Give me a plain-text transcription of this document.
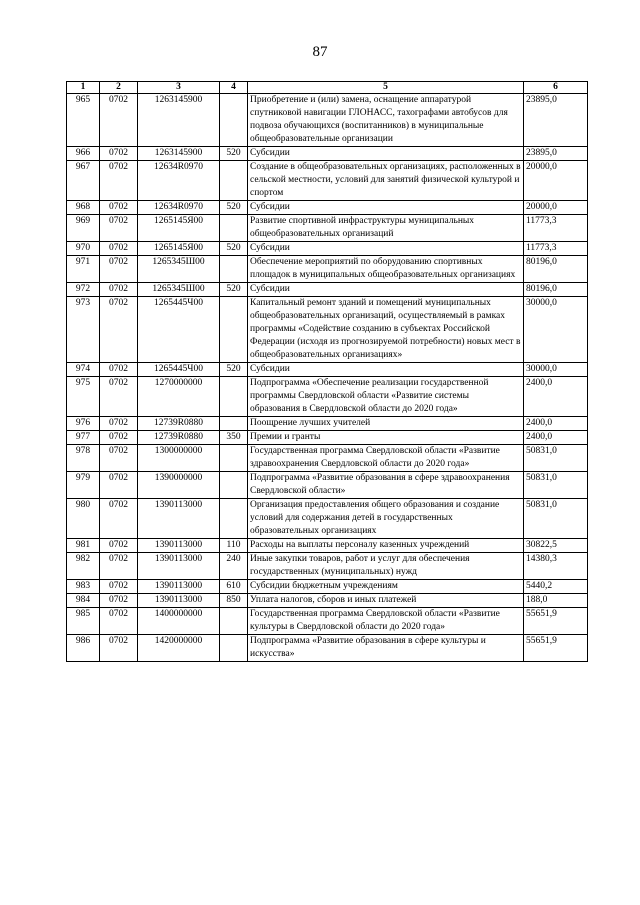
87
1	2	3	4	5	6
965	0702	1263145900		Приобретение и (или) замена, оснащение аппаратурой спутниковой навигации ГЛОНАСС, тахографами автобусов для подвоза обучающихся (воспитанников) в муниципальные общеобразовательные организации	23895,0
966	0702	1263145900	520	Субсидии	23895,0
967	0702	12634R0970		Создание в общеобразовательных организациях, расположенных в сельской местности, условий для занятий физической культурой и спортом	20000,0
968	0702	12634R0970	520	Субсидии	20000,0
969	0702	1265145Я00		Развитие спортивной инфраструктуры муниципальных общеобразовательных организаций	11773,3
970	0702	1265145Я00	520	Субсидии	11773,3
971	0702	1265345Ш00		Обеспечение мероприятий по оборудованию спортивных площадок в муниципальных общеобразовательных организациях	80196,0
972	0702	1265345Ш00	520	Субсидии	80196,0
973	0702	1265445Ч00		Капитальный ремонт зданий и помещений муниципальных общеобразовательных организаций, осуществляемый в рамках программы «Содействие созданию в субъектах Российской Федерации (исходя из прогнозируемой потребности) новых мест в общеобразовательных организациях»	30000,0
974	0702	1265445Ч00	520	Субсидии	30000,0
975	0702	1270000000		Подпрограмма «Обеспечение реализации государственной программы Свердловской области «Развитие системы образования в Свердловской области до 2020 года»	2400,0
976	0702	12739R0880		Поощрение лучших учителей	2400,0
977	0702	12739R0880	350	Премии и гранты	2400,0
978	0702	1300000000		Государственная программа Свердловской области «Развитие здравоохранения Свердловской области до 2020 года»	50831,0
979	0702	1390000000		Подпрограмма «Развитие образования в сфере здравоохранения Свердловской области»	50831,0
980	0702	1390113000		Организация предоставления общего образования и создание условий для содержания детей в государственных образовательных организациях	50831,0
981	0702	1390113000	110	Расходы на выплаты персоналу казенных учреждений	30822,5
982	0702	1390113000	240	Иные закупки товаров, работ и услуг для обеспечения государственных (муниципальных) нужд	14380,3
983	0702	1390113000	610	Субсидии бюджетным учреждениям	5440,2
984	0702	1390113000	850	Уплата налогов, сборов и иных платежей	188,0
985	0702	1400000000		Государственная программа Свердловской области «Развитие культуры в Свердловской области до 2020 года»	55651,9
986	0702	1420000000		Подпрограмма «Развитие образования в сфере культуры и искусства»	55651,9
